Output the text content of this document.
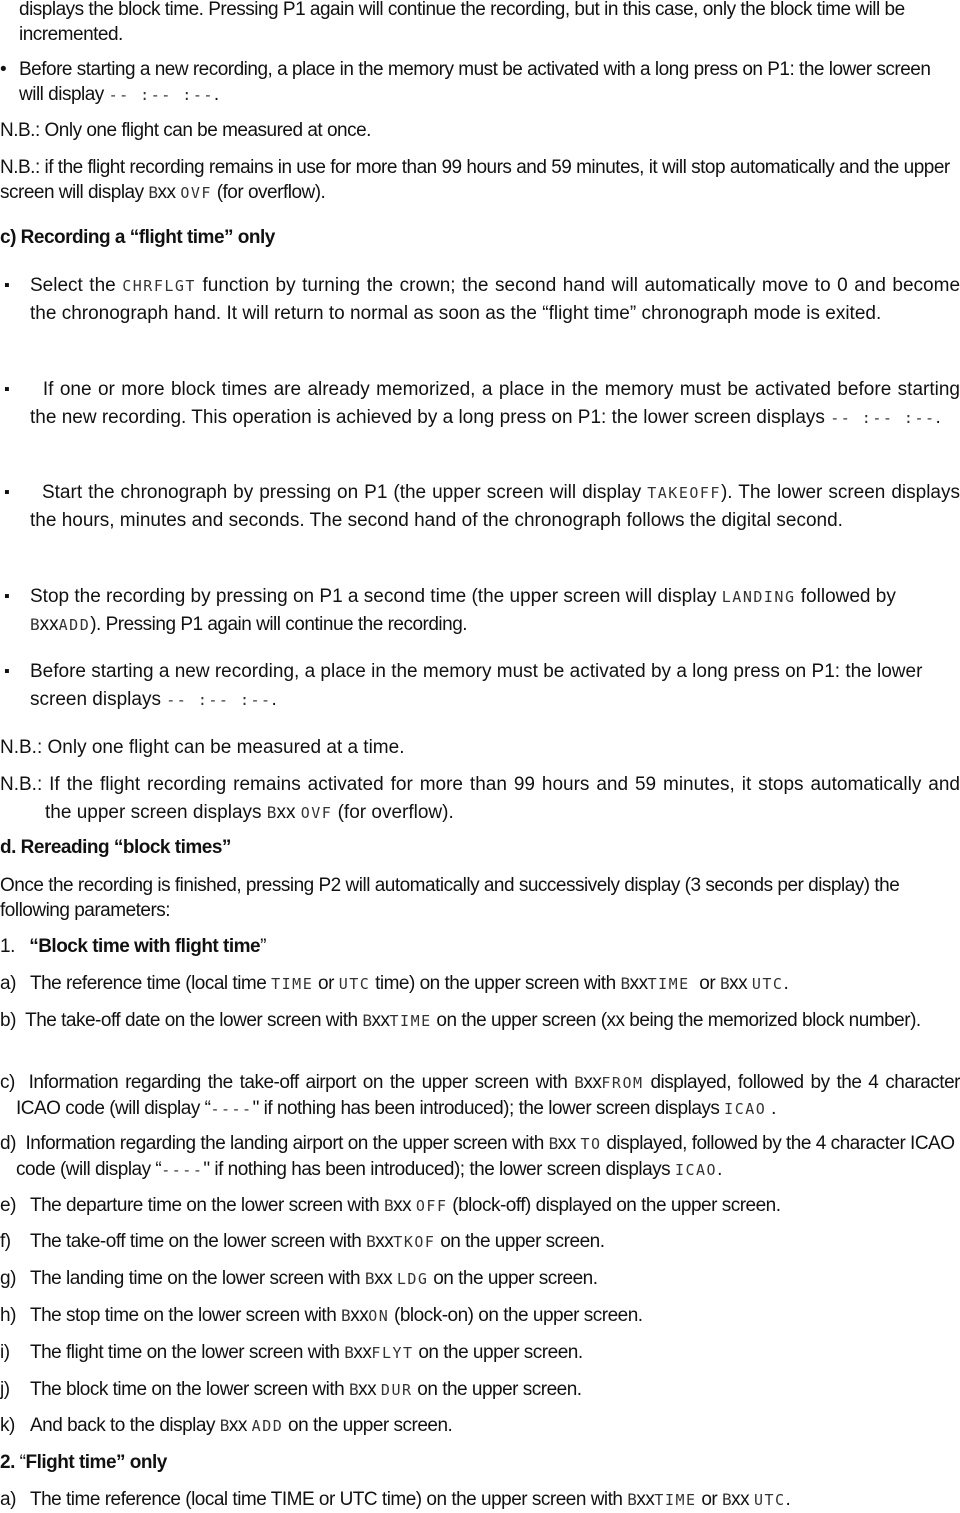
displays the block time. Pressing P1 again will continue the recording, but in this case, only the block time will be incremented.

• Before starting a new recording, a place in the memory must be activated with a long press on P1: the lower screen will display -- :-- :--.

N.B.: Only one flight can be measured at once.

N.B.: if the flight recording remains in use for more than 99 hours and 59 minutes, it will stop automatically and the upper screen will display Bxx OVF (for overflow).

c) Recording a “flight time” only

▪ Select the CHRFLGT function by turning the crown; the second hand will automatically move to 0 and become the chronograph hand. It will return to normal as soon as the “flight time” chronograph mode is exited.

▪	If one or more block times are already memorized, a place in the memory must be activated before starting the new recording. This operation is achieved by a long press on P1: the lower screen displays -- :-- :--.

▪	Start the chronograph by pressing on P1 (the upper screen will display TAKEOFF). The lower screen displays the hours, minutes and seconds. The second hand of the chronograph follows the digital second.

▪ Stop the recording by pressing on P1 a second time (the upper screen will display LANDING followed by BxxADD). Pressing P1 again will continue the recording.

▪ Before starting a new recording, a place in the memory must be activated by a long press on P1: the lower screen displays -- :-- :--.

N.B.: Only one flight can be measured at a time.

N.B.: If the flight recording remains activated for more than 99 hours and 59 minutes, it stops automatically and the upper screen displays Bxx OVF (for overflow).

d. Rereading “block times”

Once the recording is finished, pressing P2 will automatically and successively display (3 seconds per display) the following parameters:

1. “Block time with flight time”

a) The reference time (local time TIME or UTC time) on the upper screen with BxxTIME or Bxx UTC.

b) The take-off date on the lower screen with BxxTIME on the upper screen (xx being the memorized block number).

c) Information regarding the take-off airport on the upper screen with BxxFROM displayed, followed by the 4 character ICAO code (will display “----" if nothing has been introduced); the lower screen displays ICAO .

d) Information regarding the landing airport on the upper screen with Bxx TO displayed, followed by the 4 character ICAO code (will display “----" if nothing has been introduced); the lower screen displays ICAO.

e) The departure time on the lower screen with Bxx OFF (block-off) displayed on the upper screen.

f) The take-off time on the lower screen with BxxTKOF on the upper screen.

g) The landing time on the lower screen with Bxx LDG on the upper screen.

h) The stop time on the lower screen with BxxON (block-on) on the upper screen.

i) The flight time on the lower screen with BxxFLYT on the upper screen.

j) The block time on the lower screen with Bxx DUR on the upper screen.

k) And back to the display Bxx ADD on the upper screen.

2. “Flight time” only

a) The time reference (local time TIME or UTC time) on the upper screen with BxxTIME or Bxx UTC.
